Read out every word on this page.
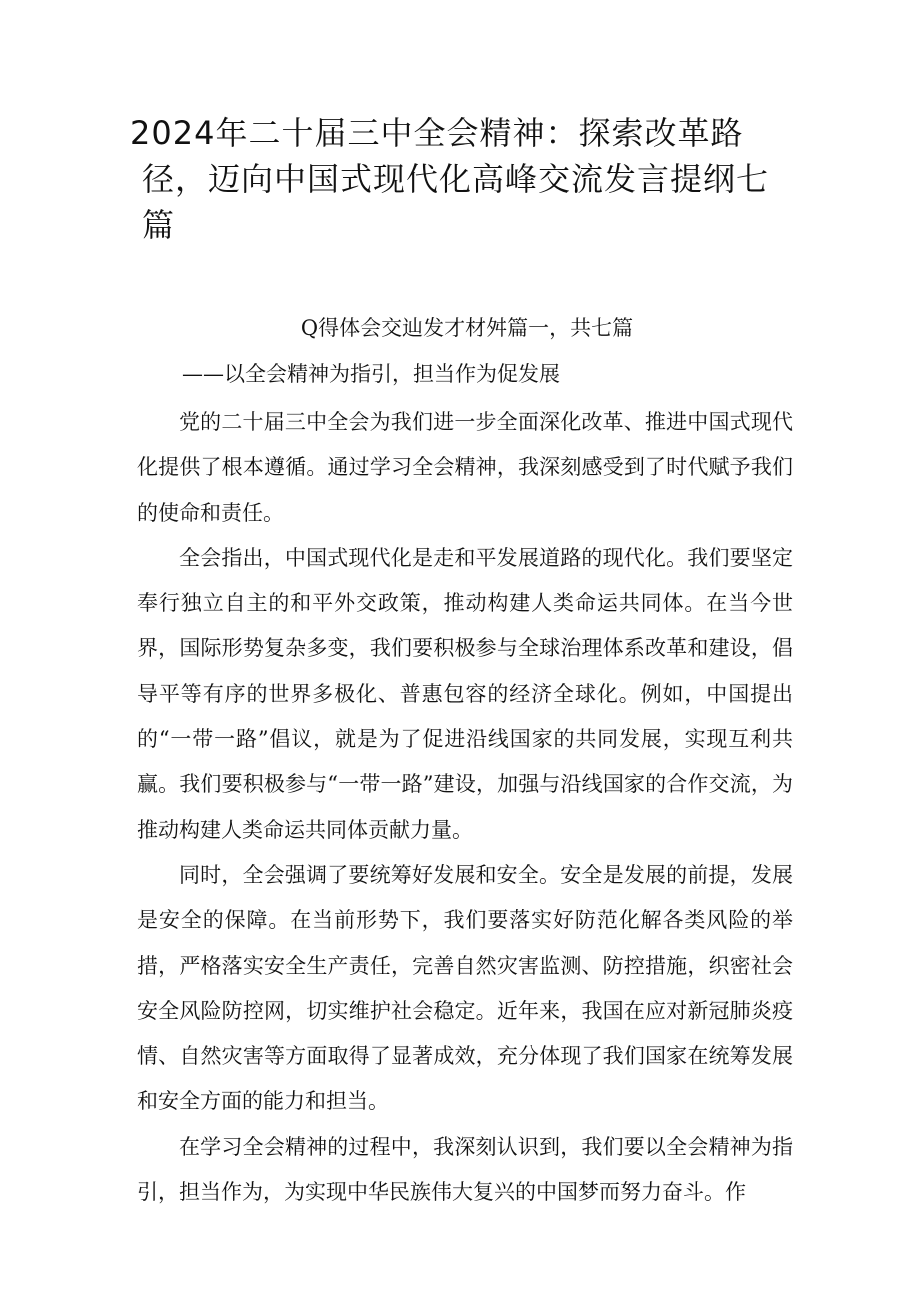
2024年二十届三中全会精神：探索改革路
径，迈向中国式现代化高峰交流发言提纲七
篇
Q得体会交辿发才材舛篇一，共七篇
——以全会精神为指引，担当作为促发展

党的二十届三中全会为我们进一步全面深化改革、推进中国式现代化提供了根本遵循。通过学习全会精神，我深刻感受到了时代赋予我们的使命和责任。

全会指出，中国式现代化是走和平发展道路的现代化。我们要坚定奉行独立自主的和平外交政策，推动构建人类命运共同体。在当今世界，国际形势复杂多变，我们要积极参与全球治理体系改革和建设，倡导平等有序的世界多极化、普惠包容的经济全球化。例如，中国提出的“一带一路”倡议，就是为了促进沿线国家的共同发展，实现互利共赢。我们要积极参与“一带一路”建设，加强与沿线国家的合作交流，为推动构建人类命运共同体贡献力量。

同时，全会强调了要统筹好发展和安全。安全是发展的前提，发展是安全的保障。在当前形势下，我们要落实好防范化解各类风险的举措，严格落实安全生产责任，完善自然灾害监测、防控措施，织密社会安全风险防控网，切实维护社会稳定。近年来，我国在应对新冠肺炎疫情、自然灾害等方面取得了显著成效，充分体现了我们国家在统筹发展和安全方面的能力和担当。

在学习全会精神的过程中，我深刻认识到，我们要以全会精神为指引，担当作为，为实现中华民族伟大复兴的中国梦而努力奋斗。作
